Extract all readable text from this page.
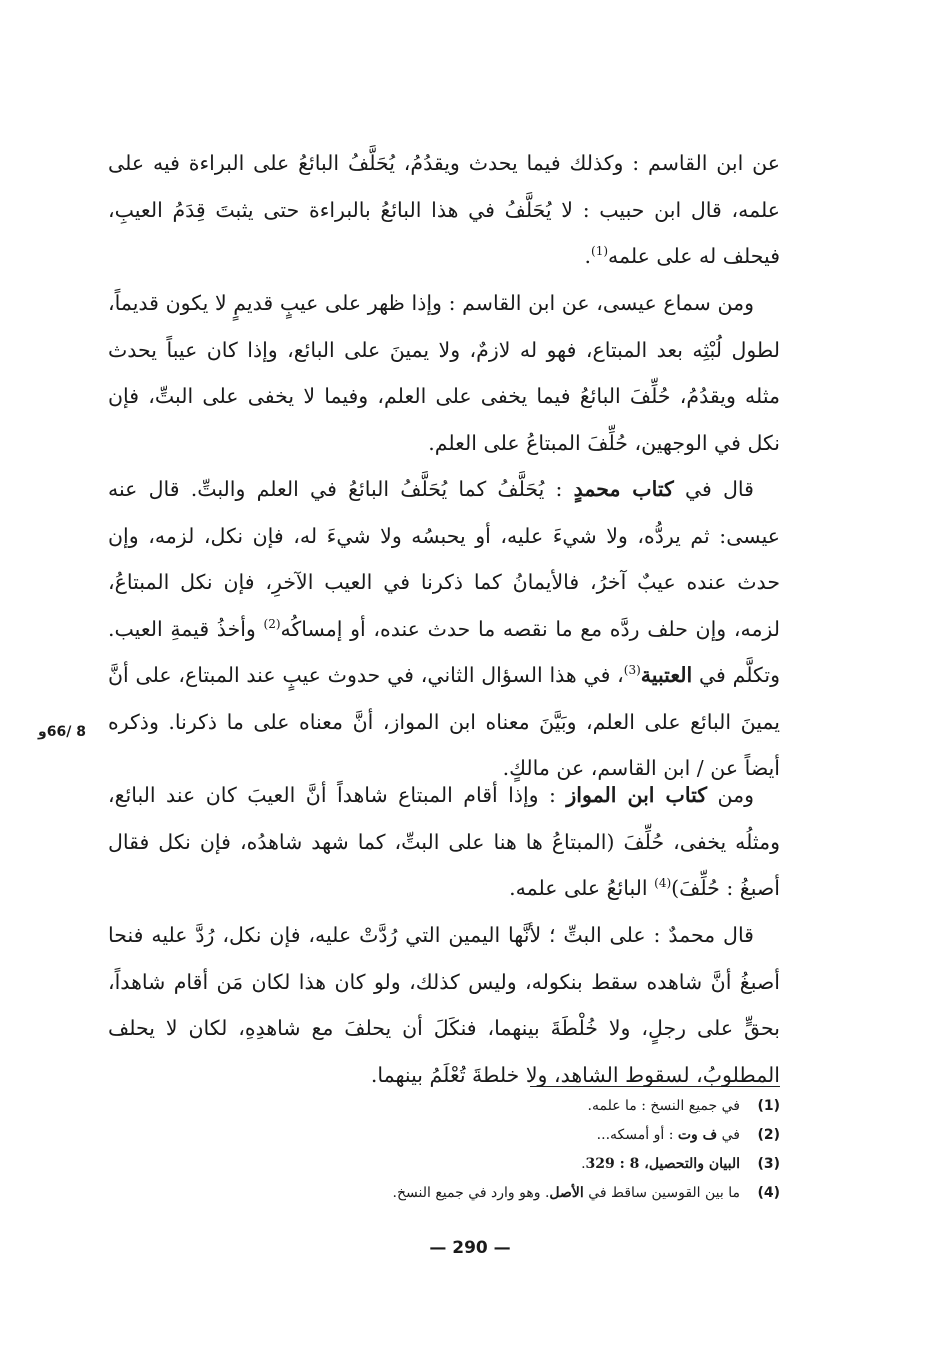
عن ابن القاسم : وكذلك فيما يحدث ويقدُمُ، يُحَلَّفُ البائعُ على البراءة فيه على علمه، قال ابن حبيب : لا يُحَلَّفُ في هذا البائعُ بالبراءة حتى يثبتَ قِدَمُ العيبِ، فيحلف له على علمه$^{(1)}$.

ومن سماع عيسى، عن ابن القاسم : وإذا ظهر على عيبٍ قديمٍ لا يكون قديماً، لطول لُبْثِه بعد المبتاع، فهو له لازمٌ، ولا يمينَ على البائع، وإذا كان عيباً يحدث مثله ويقدُمُ، حُلِّفَ البائعُ فيما يخفى على العلم، وفيما لا يخفى على البتِّ، فإن نكل في الوجهين، حُلِّفَ المبتاعُ على العلم.

قال في كتاب محمدٍ : يُحَلَّفُ كما يُحَلَّفُ البائعُ في العلم والبتِّ. قال عنه عيسى: ثم يردُّه، ولا شيءَ عليه، أو يحبسُه ولا شيءَ له، فإن نكل، لزمه، وإن حدث عنده عيبٌ آخرُ، فالأيمانُ كما ذكرنا في العيب الآخرِ، فإن نكل المبتاعُ، لزمه، وإن حلف ردَّه مع ما نقصه ما حدث عنده، أو إمساكُه$^{(2)}$ وأخذُ قيمةِ العيب. وتكلَّم في العتبية$^{(3)}$، في هذا السؤال الثاني، في حدوث عيبٍ عند المبتاع، على أنَّ يمينَ البائع على العلم، وبَيَّنَ معناه ابن المواز، أنَّ معناه على ما ذكرنا. وذكره أيضاً عن / ابن القاسم، عن مالكٍ.

8 /66و

ومن كتاب ابن المواز : وإذا أقام المبتاع شاهداً أنَّ العيبَ كان عند البائع، ومثلُه يخفى، حُلِّفَ (المبتاعُ ها هنا على البتِّ، كما شهد شاهدُه، فإن نكل فقال أصبغُ : حُلِّفَ)$^{(4)}$ البائعُ على علمه.

قال محمدٌ : على البتِّ ؛ لأنَّها اليمين التي رُدَّتْ عليه، فإن نكل، رُدَّ عليه فنحا أصبغُ أنَّ شاهده سقط بنكوله، وليس كذلك، ولو كان هذا لكان مَن أقام شاهداً، بحقٍّ على رجلٍ، ولا خُلْطَةَ بينهما، فنكَلَ أن يحلفَ مع شاهدِهِ، لكان لا يحلف المطلوبُ، لسقوط الشاهد، ولا خلطةَ تُعْلَمُ بينهما.

(1)في جميع النسخ : ما علمه.
(2)في ف وت : أو أمسكه...
(3)البيان والتحصيل، 8 : 329.
(4)ما بين القوسين ساقط في الأصل. وهو وارد في جميع النسخ.
— 290 —
